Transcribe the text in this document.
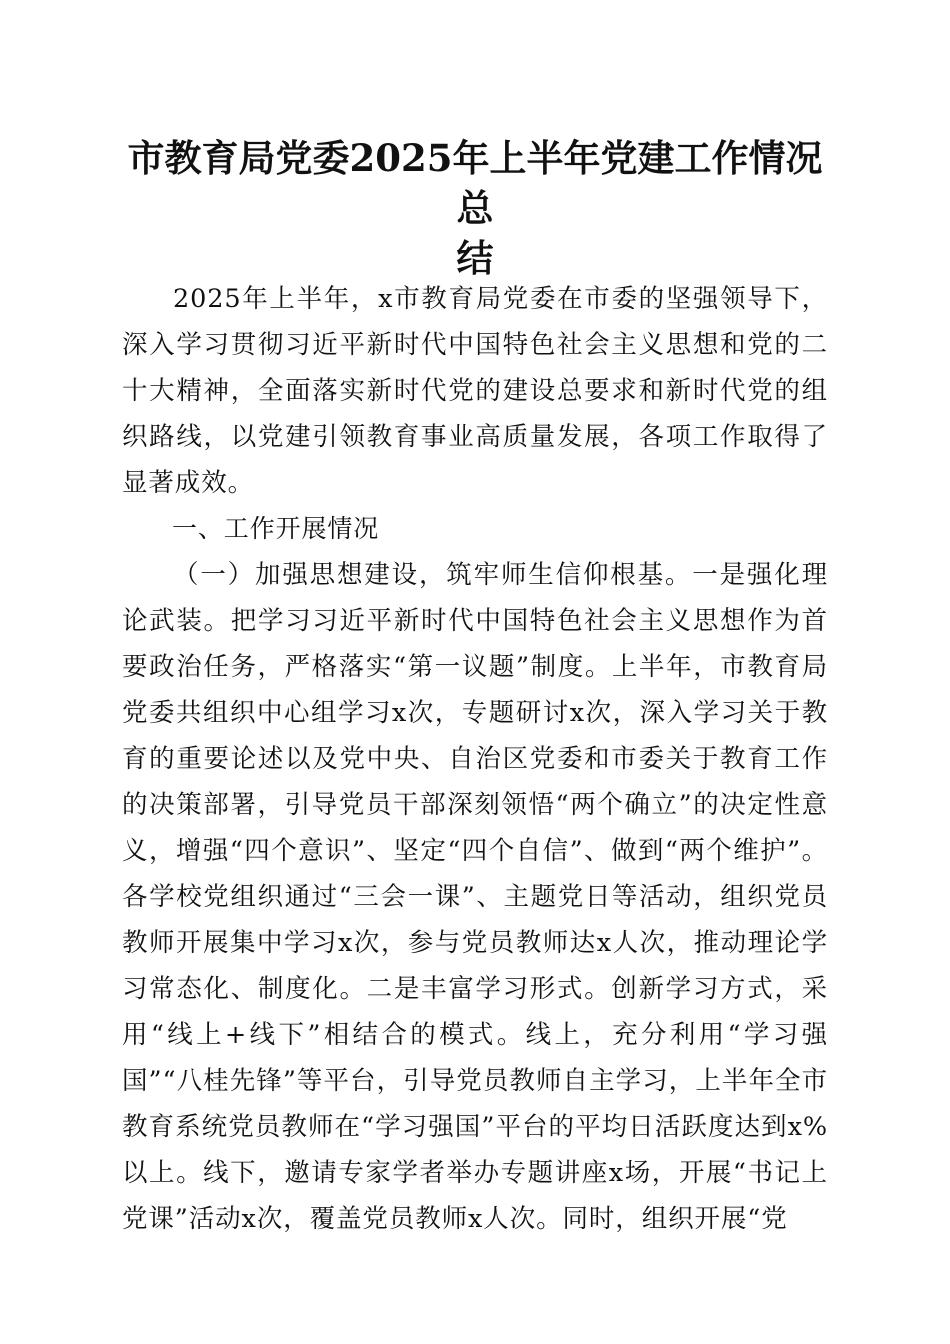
市教育局党委2025年上半年党建工作情况总
结

2025年上半年，x市教育局党委在市委的坚强领导下，深入学习贯彻习近平新时代中国特色社会主义思想和党的二十大精神，全面落实新时代党的建设总要求和新时代党的组织路线，以党建引领教育事业高质量发展，各项工作取得了显著成效。

一、工作开展情况

（一）加强思想建设，筑牢师生信仰根基。一是强化理论武装。把学习习近平新时代中国特色社会主义思想作为首要政治任务，严格落实“第一议题”制度。上半年，市教育局党委共组织中心组学习x次，专题研讨x次，深入学习关于教育的重要论述以及党中央、自治区党委和市委关于教育工作的决策部署，引导党员干部深刻领悟“两个确立”的决定性意义，增强“四个意识”、坚定“四个自信”、做到“两个维护”。各学校党组织通过“三会一课”、主题党日等活动，组织党员教师开展集中学习x次，参与党员教师达x人次，推动理论学习常态化、制度化。二是丰富学习形式。创新学习方式，采用“线上+线下”相结合的模式。线上，充分利用“学习强国”“八桂先锋”等平台，引导党员教师自主学习，上半年全市教育系统党员教师在“学习强国”平台的平均日活跃度达到x%以上。线下，邀请专家学者举办专题讲座x场，开展“书记上党课”活动x次，覆盖党员教师x人次。同时，组织开展“党
